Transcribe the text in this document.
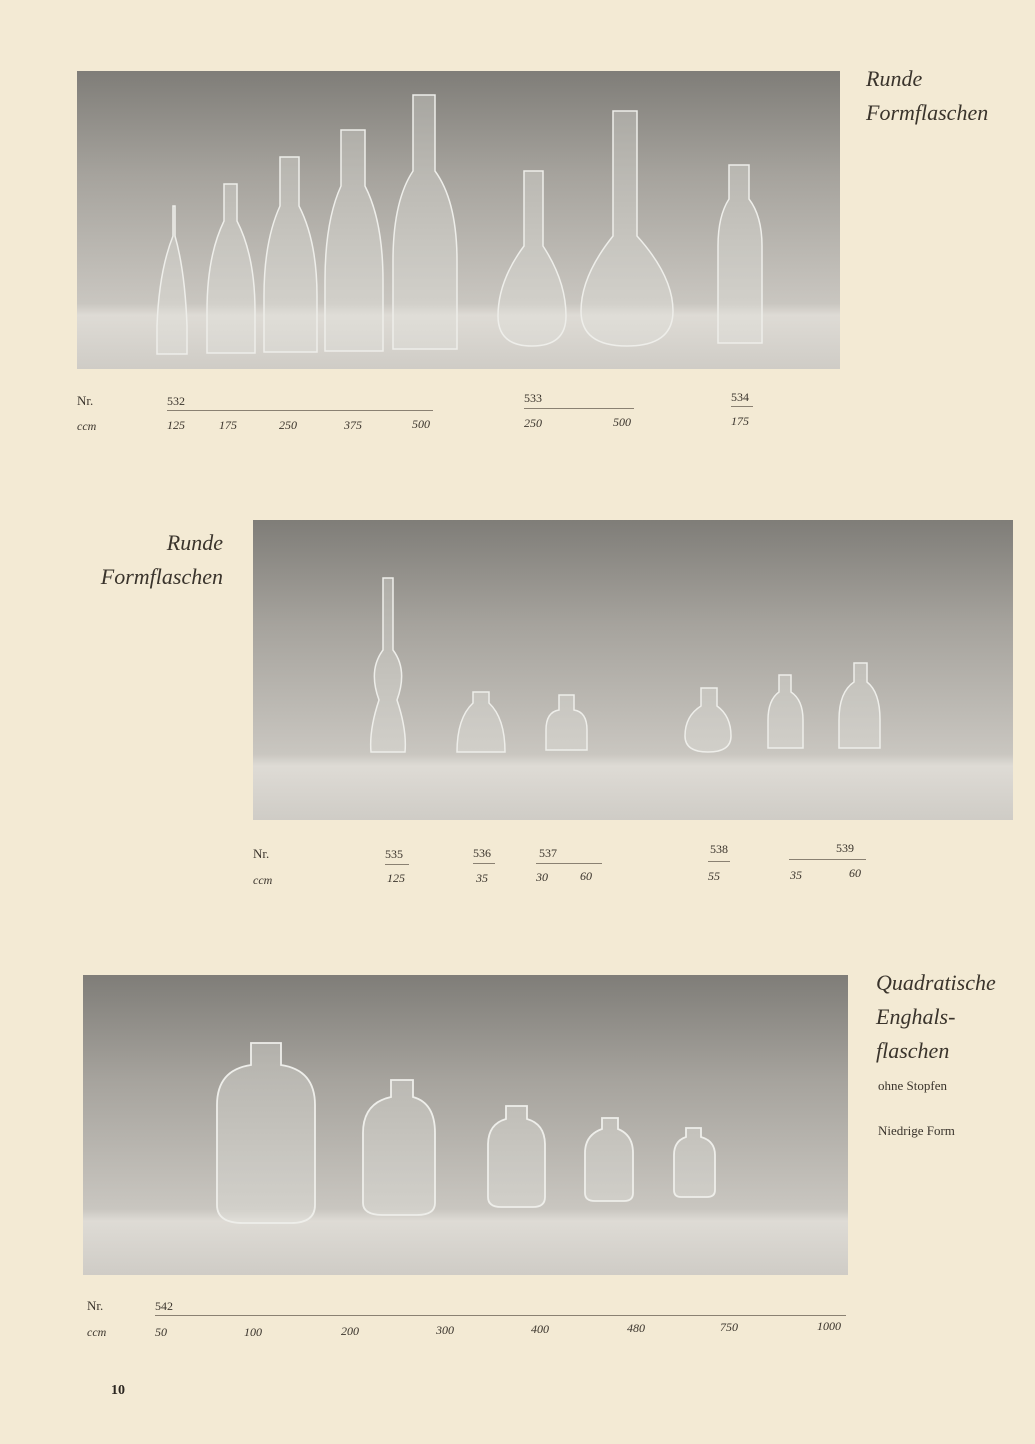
Runde
Formflaschen
Nr.
ccm
532
125	175	250	375	500
533
250	500
534
175
Runde
Formflaschen
Nr.
ccm
535
125
536
35
537
30	60
538
55
539
35	60
Quadratische
Enghals-
flaschen
ohne Stopfen
Niedrige Form
Nr.
ccm
542
50	100	200	300	400	480	750	1000
10
